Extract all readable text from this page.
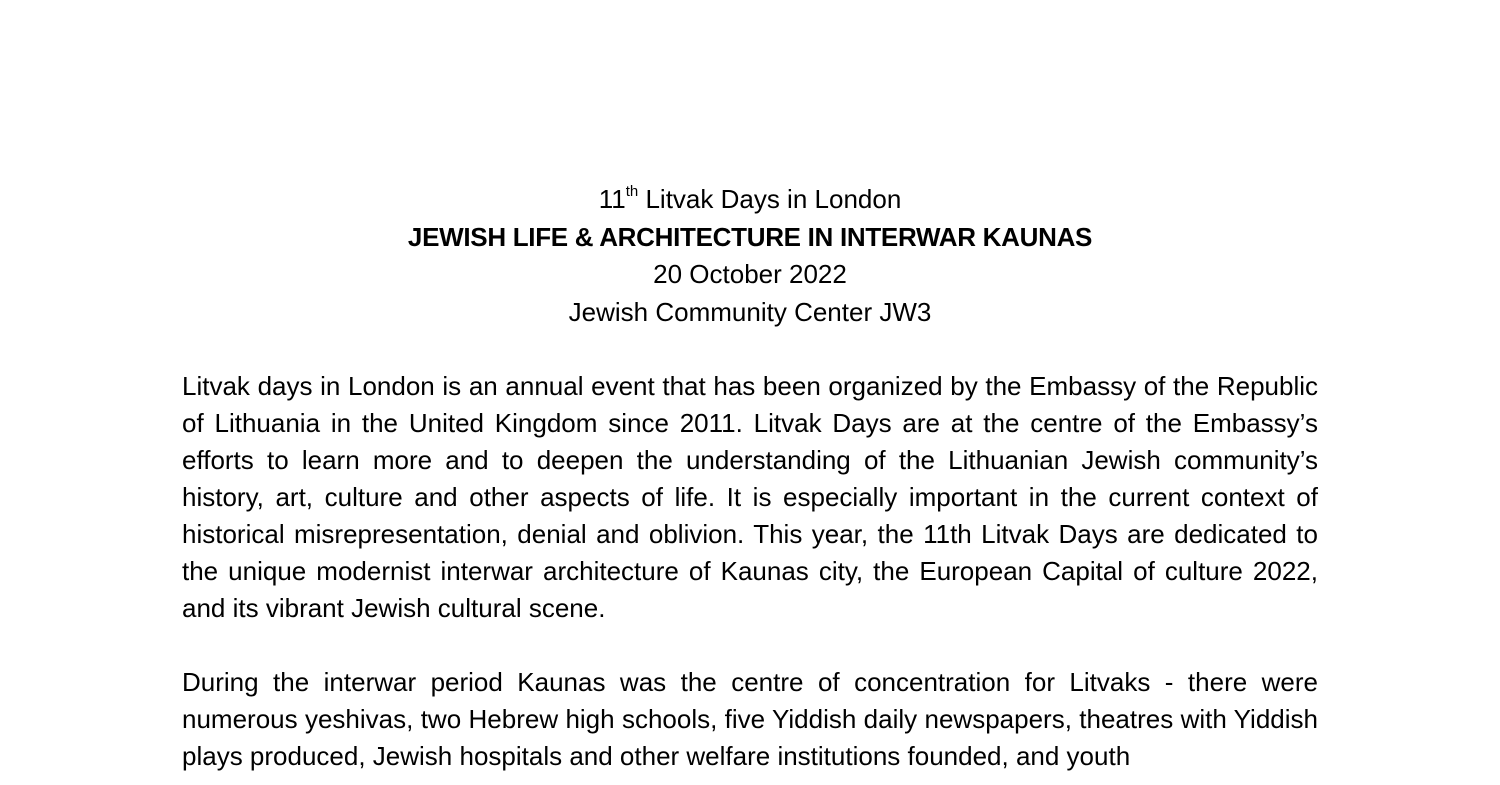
11th Litvak Days in London
JEWISH LIFE & ARCHITECTURE IN INTERWAR KAUNAS
20 October 2022
Jewish Community Center JW3

Litvak days in London is an annual event that has been organized by the Embassy of the Republic of Lithuania in the United Kingdom since 2011. Litvak Days are at the centre of the Embassy’s efforts to learn more and to deepen the understanding of the Lithuanian Jewish community’s history, art, culture and other aspects of life. It is especially important in the current context of historical misrepresentation, denial and oblivion. This year, the 11th Litvak Days are dedicated to the unique modernist interwar architecture of Kaunas city, the European Capital of culture 2022, and its vibrant Jewish cultural scene.

During the interwar period Kaunas was the centre of concentration for Litvaks - there were numerous yeshivas, two Hebrew high schools, five Yiddish daily newspapers, theatres with Yiddish plays produced, Jewish hospitals and other welfare institutions founded, and youth
